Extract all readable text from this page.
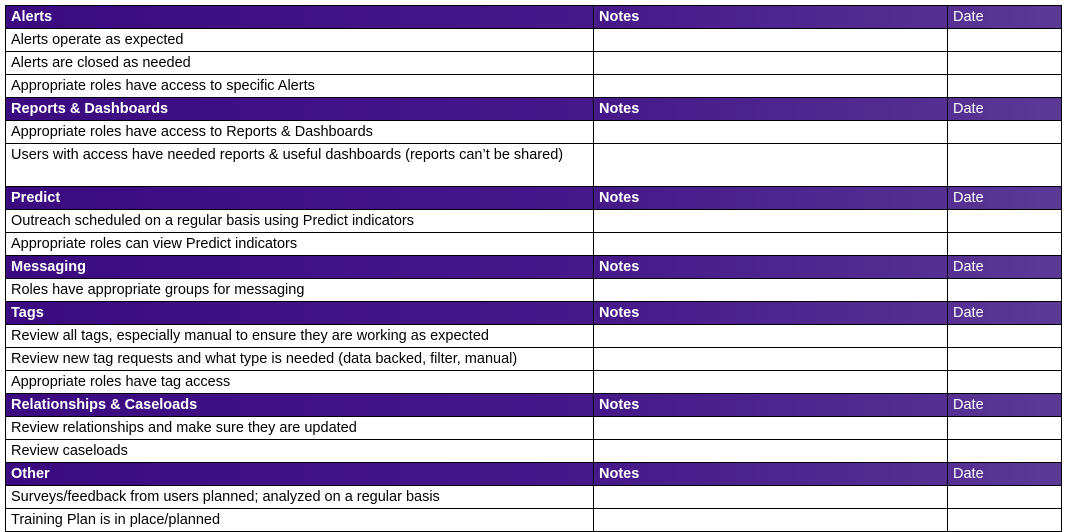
Alerts	Notes	Date
Alerts operate as expected		
Alerts are closed as needed		
Appropriate roles have access to specific Alerts		
Reports & Dashboards	Notes	Date
Appropriate roles have access to Reports & Dashboards		
Users with access have needed reports & useful dashboards (reports can’t be shared)		
Predict	Notes	Date
Outreach scheduled on a regular basis using Predict indicators		
Appropriate roles can view Predict indicators		
Messaging	Notes	Date
Roles have appropriate groups for messaging		
Tags	Notes	Date
Review all tags, especially manual to ensure they are working as expected		
Review new tag requests and what type is needed (data backed, filter, manual)		
Appropriate roles have tag access		
Relationships & Caseloads	Notes	Date
Review relationships and make sure they are updated		
Review caseloads		
Other	Notes	Date
Surveys/feedback from users planned; analyzed on a regular basis		
Training Plan is in place/planned		
